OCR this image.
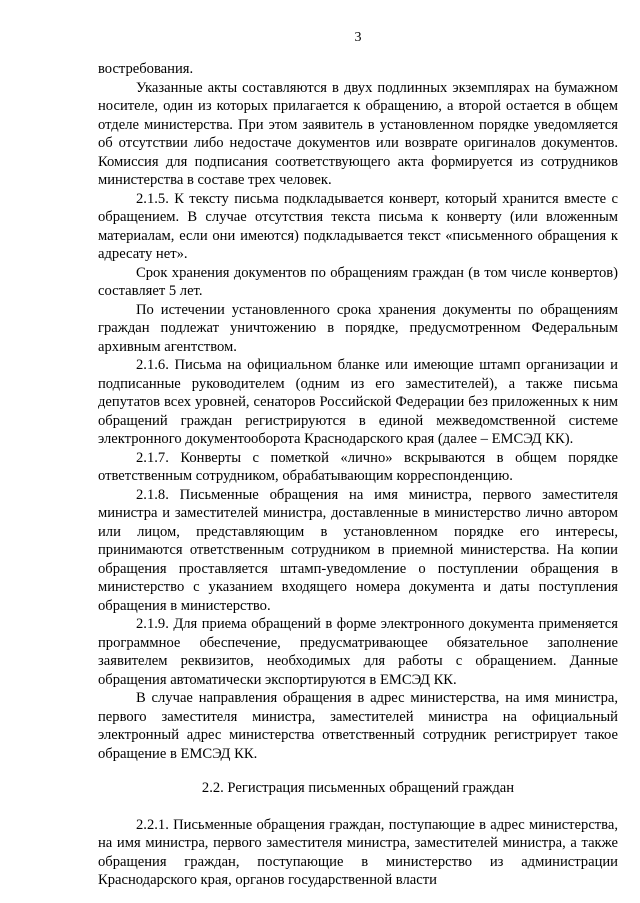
3

востребования.

Указанные акты составляются в двух подлинных экземплярах на бумажном носителе, один из которых прилагается к обращению, а второй остается в общем отделе министерства. При этом заявитель в установленном порядке уведомляется об отсутствии либо недостаче документов или возврате оригиналов документов. Комиссия для подписания соответствующего акта формируется из сотрудников министерства в составе трех человек.

2.1.5. К тексту письма подкладывается конверт, который хранится вместе с обращением. В случае отсутствия текста письма к конверту (или вложенным материалам, если они имеются) подкладывается текст «письменного обращения к адресату нет».

Срок хранения документов по обращениям граждан (в том числе конвертов) составляет 5 лет.

По истечении установленного срока хранения документы по обращениям граждан подлежат уничтожению в порядке, предусмотренном Федеральным архивным агентством.

2.1.6. Письма на официальном бланке или имеющие штамп организации и подписанные руководителем (одним из его заместителей), а также письма депутатов всех уровней, сенаторов Российской Федерации без приложенных к ним обращений граждан регистрируются в единой межведомственной системе электронного документооборота Краснодарского края (далее – ЕМСЭД КК).

2.1.7. Конверты с пометкой «лично» вскрываются в общем порядке ответственным сотрудником, обрабатывающим корреспонденцию.

2.1.8. Письменные обращения на имя министра, первого заместителя министра и заместителей министра, доставленные в министерство лично автором или лицом, представляющим в установленном порядке его интересы, принимаются ответственным сотрудником в приемной министерства. На копии обращения проставляется штамп-уведомление о поступлении обращения в министерство с указанием входящего номера документа и даты поступления обращения в министерство.

2.1.9. Для приема обращений в форме электронного документа применяется программное обеспечение, предусматривающее обязательное заполнение заявителем реквизитов, необходимых для работы с обращением. Данные обращения автоматически экспортируются в ЕМСЭД КК.

В случае направления обращения в адрес министерства, на имя министра, первого заместителя министра, заместителей министра на официальный электронный адрес министерства ответственный сотрудник регистрирует такое обращение в ЕМСЭД КК.

2.2. Регистрация письменных обращений граждан

2.2.1. Письменные обращения граждан, поступающие в адрес министерства, на имя министра, первого заместителя министра, заместителей министра, а также обращения граждан, поступающие в министерство из администрации Краснодарского края, органов государственной власти
